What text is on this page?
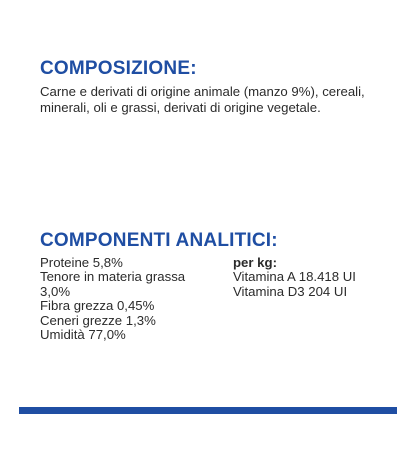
COMPOSIZIONE:

Carne e derivati di origine animale (manzo 9%), cereali, minerali, oli e grassi, derivati di origine vegetale.

COMPONENTI ANALITICI:
Proteine 5,8%
Tenore in materia grassa 3,0%
Fibra grezza 0,45%
Ceneri grezze 1,3%
Umidità 77,0%
per kg:
Vitamina A 18.418 UI
Vitamina D3 204 UI
